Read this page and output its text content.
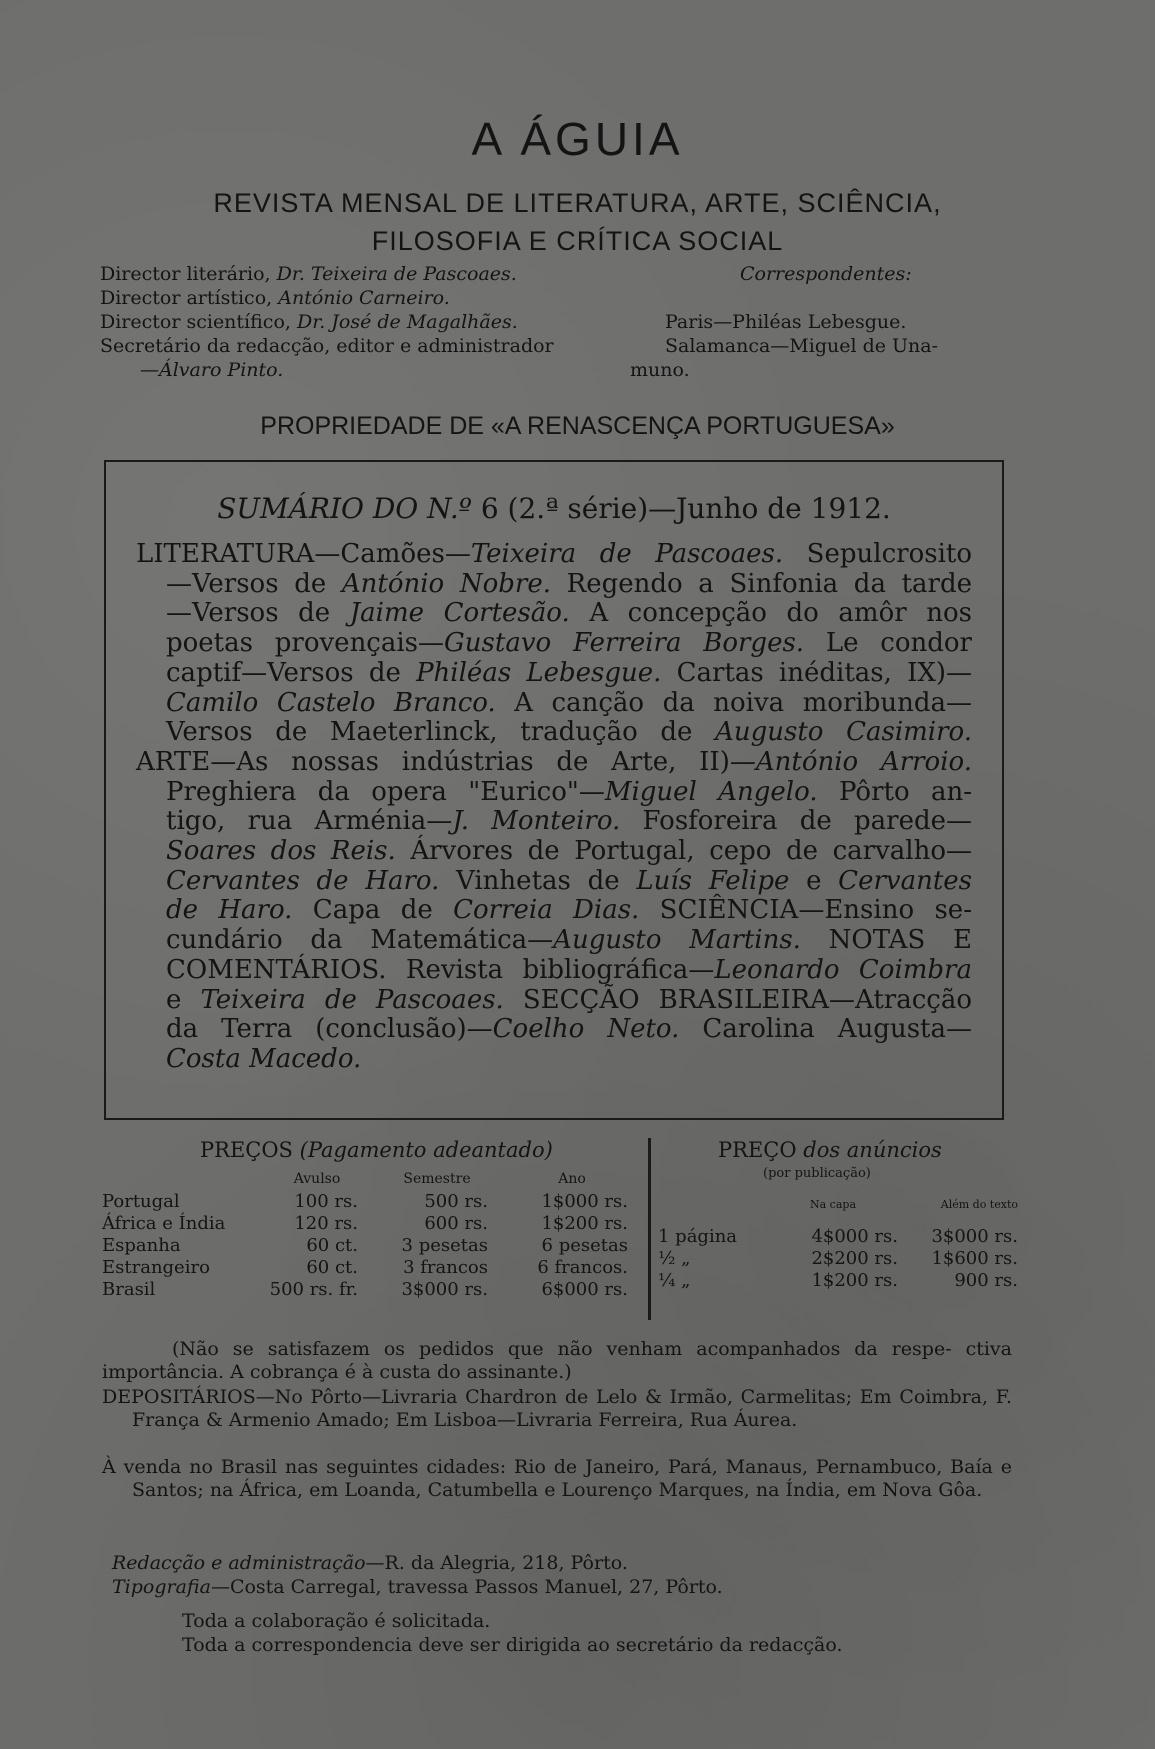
A ÁGUIA
REVISTA MENSAL DE LITERATURA, ARTE, SCIÊNCIA,
FILOSOFIA E CRÍTICA SOCIAL
Director literário, Dr. Teixeira de Pascoaes.
Director artístico, António Carneiro.
Director scientífico, Dr. José de Magalhães.
Secretário da redacção, editor e administrador
—Álvaro Pinto.
Correspondentes:
Paris—Philéas Lebesgue.
Salamanca—Miguel de Una-
muno.
PROPRIEDADE DE «A RENASCENÇA PORTUGUESA»
SUMÁRIO DO N.º 6 (2.ª série)—Junho de 1912.

LITERATURA—Camões—Teixeira de Pascoaes. Sepulcrosito

—Versos de António Nobre. Regendo a Sinfonia da tarde

—Versos de Jaime Cortesão. A concepção do amôr nos

poetas provençais—Gustavo Ferreira Borges. Le condor

captif—Versos de Philéas Lebesgue. Cartas inéditas, IX)—

Camilo Castelo Branco. A canção da noiva moribunda—

Versos de Maeterlinck, tradução de Augusto Casimiro.

ARTE—As nossas indústrias de Arte, II)—António Arroio.

Preghiera da opera "Eurico"—Miguel Angelo. Pôrto an-

tigo, rua Arménia—J. Monteiro. Fosforeira de parede—

Soares dos Reis. Árvores de Portugal, cepo de carvalho—

Cervantes de Haro. Vinhetas de Luís Felipe e Cervantes

de Haro. Capa de Correia Dias. SCIÊNCIA—Ensino se-

cundário da Matemática—Augusto Martins. NOTAS E

COMENTÁRIOS. Revista bibliográfica—Leonardo Coimbra

e Teixeira de Pascoaes. SECÇÃO BRASILEIRA—Atracção

da Terra (conclusão)—Coelho Neto. Carolina Augusta—

Costa Macedo.

PREÇOS (Pagamento adeantado)
	Avulso	Semestre	Ano
Portugal	100 rs.	500 rs.	1$000 rs.
África e Índia	120 rs.	600 rs.	1$200 rs.
Espanha	60 ct.	3 pesetas	6 pesetas
Estrangeiro	60 ct.	3 francos	6 francos.
Brasil	500 rs. fr.	3$000 rs.	6$000 rs.
PREÇO dos anúncios
(por publicação)
	Na capa	Além do texto

1 página	4$000 rs.	3$000 rs.
½ „	2$200 rs.	1$600 rs.
¼ „	1$200 rs.	900 rs.

(Não se satisfazem os pedidos que não venham acompanhados da respe- ctiva importância. A cobrança é à custa do assinante.)

DEPOSITÁRIOS—No Pôrto—Livraria Chardron de Lelo & Irmão, Carmelitas; Em Coimbra, F. França & Armenio Amado; Em Lisboa—Livraria Ferreira, Rua Áurea.

À venda no Brasil nas seguintes cidades: Rio de Janeiro, Pará, Manaus, Pernambuco, Baía e Santos; na África, em Loanda, Catumbella e Lourenço Marques, na Índia, em Nova Gôa.

Redacção e administração—R. da Alegria, 218, Pôrto.
Tipografia—Costa Carregal, travessa Passos Manuel, 27, Pôrto.
Toda a colaboração é solicitada.
Toda a correspondencia deve ser dirigida ao secretário da redacção.
